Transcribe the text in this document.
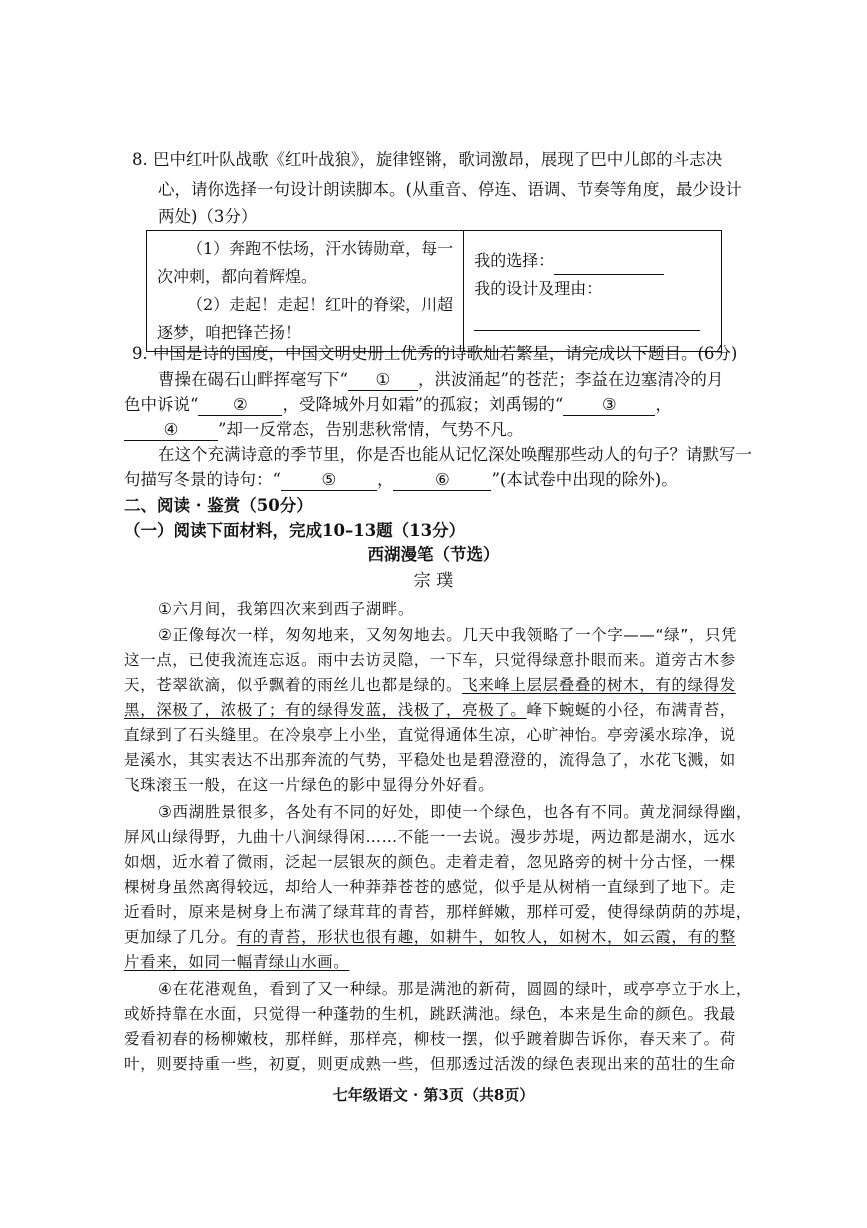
8. 巴中红叶队战歌《红叶战狼》，旋律铿锵，歌词激昂，展现了巴中儿郎的斗志决
心，请你选择一句设计朗读脚本。(从重音、停连、语调、节奏等角度，最少设计
两处)（3分）
（1）奔跑不怯场，汗水铸勋章，每一
次冲刺，都向着辉煌。
（2）走起！走起！红叶的脊梁，川超
逐梦，咱把锋芒扬！

我的选择：
我的设计及理由：
9. 中国是诗的国度，中国文明史册上优秀的诗歌灿若繁星，请完成以下题目。(6分)
曹操在碣石山畔挥毫写下“ ① ，洪波涌起”的苍茫；李益在边塞清冷的月
色中诉说“ ② ，受降城外月如霜”的孤寂；刘禹锡的“ ③ ，
④ ”却一反常态，告别悲秋常情，气势不凡。
在这个充满诗意的季节里，你是否也能从记忆深处唤醒那些动人的句子？请默写一
句描写冬景的诗句：“ ⑤ ，	⑥	”(本试卷中出现的除外)。
二、阅读 · 鉴赏（50分）
（一）阅读下面材料，完成10–13题（13分）
西湖漫笔（节选）
宗 璞
①六月间，我第四次来到西子湖畔。
②正像每次一样，匆匆地来，又匆匆地去。几天中我领略了一个字——“绿”，只凭
这一点，已使我流连忘返。雨中去访灵隐，一下车，只觉得绿意扑眼而来。道旁古木参
天，苍翠欲滴，似乎飘着的雨丝儿也都是绿的。飞来峰上层层叠叠的树木，有的绿得发
黑，深极了，浓极了；有的绿得发蓝，浅极了，亮极了。峰下蜿蜒的小径，布满青苔，
直绿到了石头缝里。在冷泉亭上小坐，直觉得通体生凉，心旷神怡。亭旁溪水琮净，说
是溪水，其实表达不出那奔流的气势，平稳处也是碧澄澄的，流得急了，水花飞溅，如
飞珠滚玉一般，在这一片绿色的影中显得分外好看。
③西湖胜景很多，各处有不同的好处，即使一个绿色，也各有不同。黄龙洞绿得幽，
屏风山绿得野，九曲十八涧绿得闲……不能一一去说。漫步苏堤，两边都是湖水，远水
如烟，近水着了微雨，泛起一层银灰的颜色。走着走着，忽见路旁的树十分古怪，一棵
棵树身虽然离得较远，却给人一种莽莽苍苍的感觉，似乎是从树梢一直绿到了地下。走
近看时，原来是树身上布满了绿茸茸的青苔，那样鲜嫩，那样可爱，使得绿荫荫的苏堤，
更加绿了几分。有的青苔，形状也很有趣，如耕牛，如牧人，如树木，如云霞，有的整
片看来，如同一幅青绿山水画。
④在花港观鱼，看到了又一种绿。那是满池的新荷，圆圆的绿叶，或亭亭立于水上，
或娇持靠在水面，只觉得一种蓬勃的生机，跳跃满池。绿色，本来是生命的颜色。我最
爱看初春的杨柳嫩枝，那样鲜，那样亮，柳枝一摆，似乎踱着脚告诉你，春天来了。荷
叶，则要持重一些，初夏，则更成熟一些，但那透过活泼的绿色表现出来的茁壮的生命
七年级语文 · 第3页（共8页）
